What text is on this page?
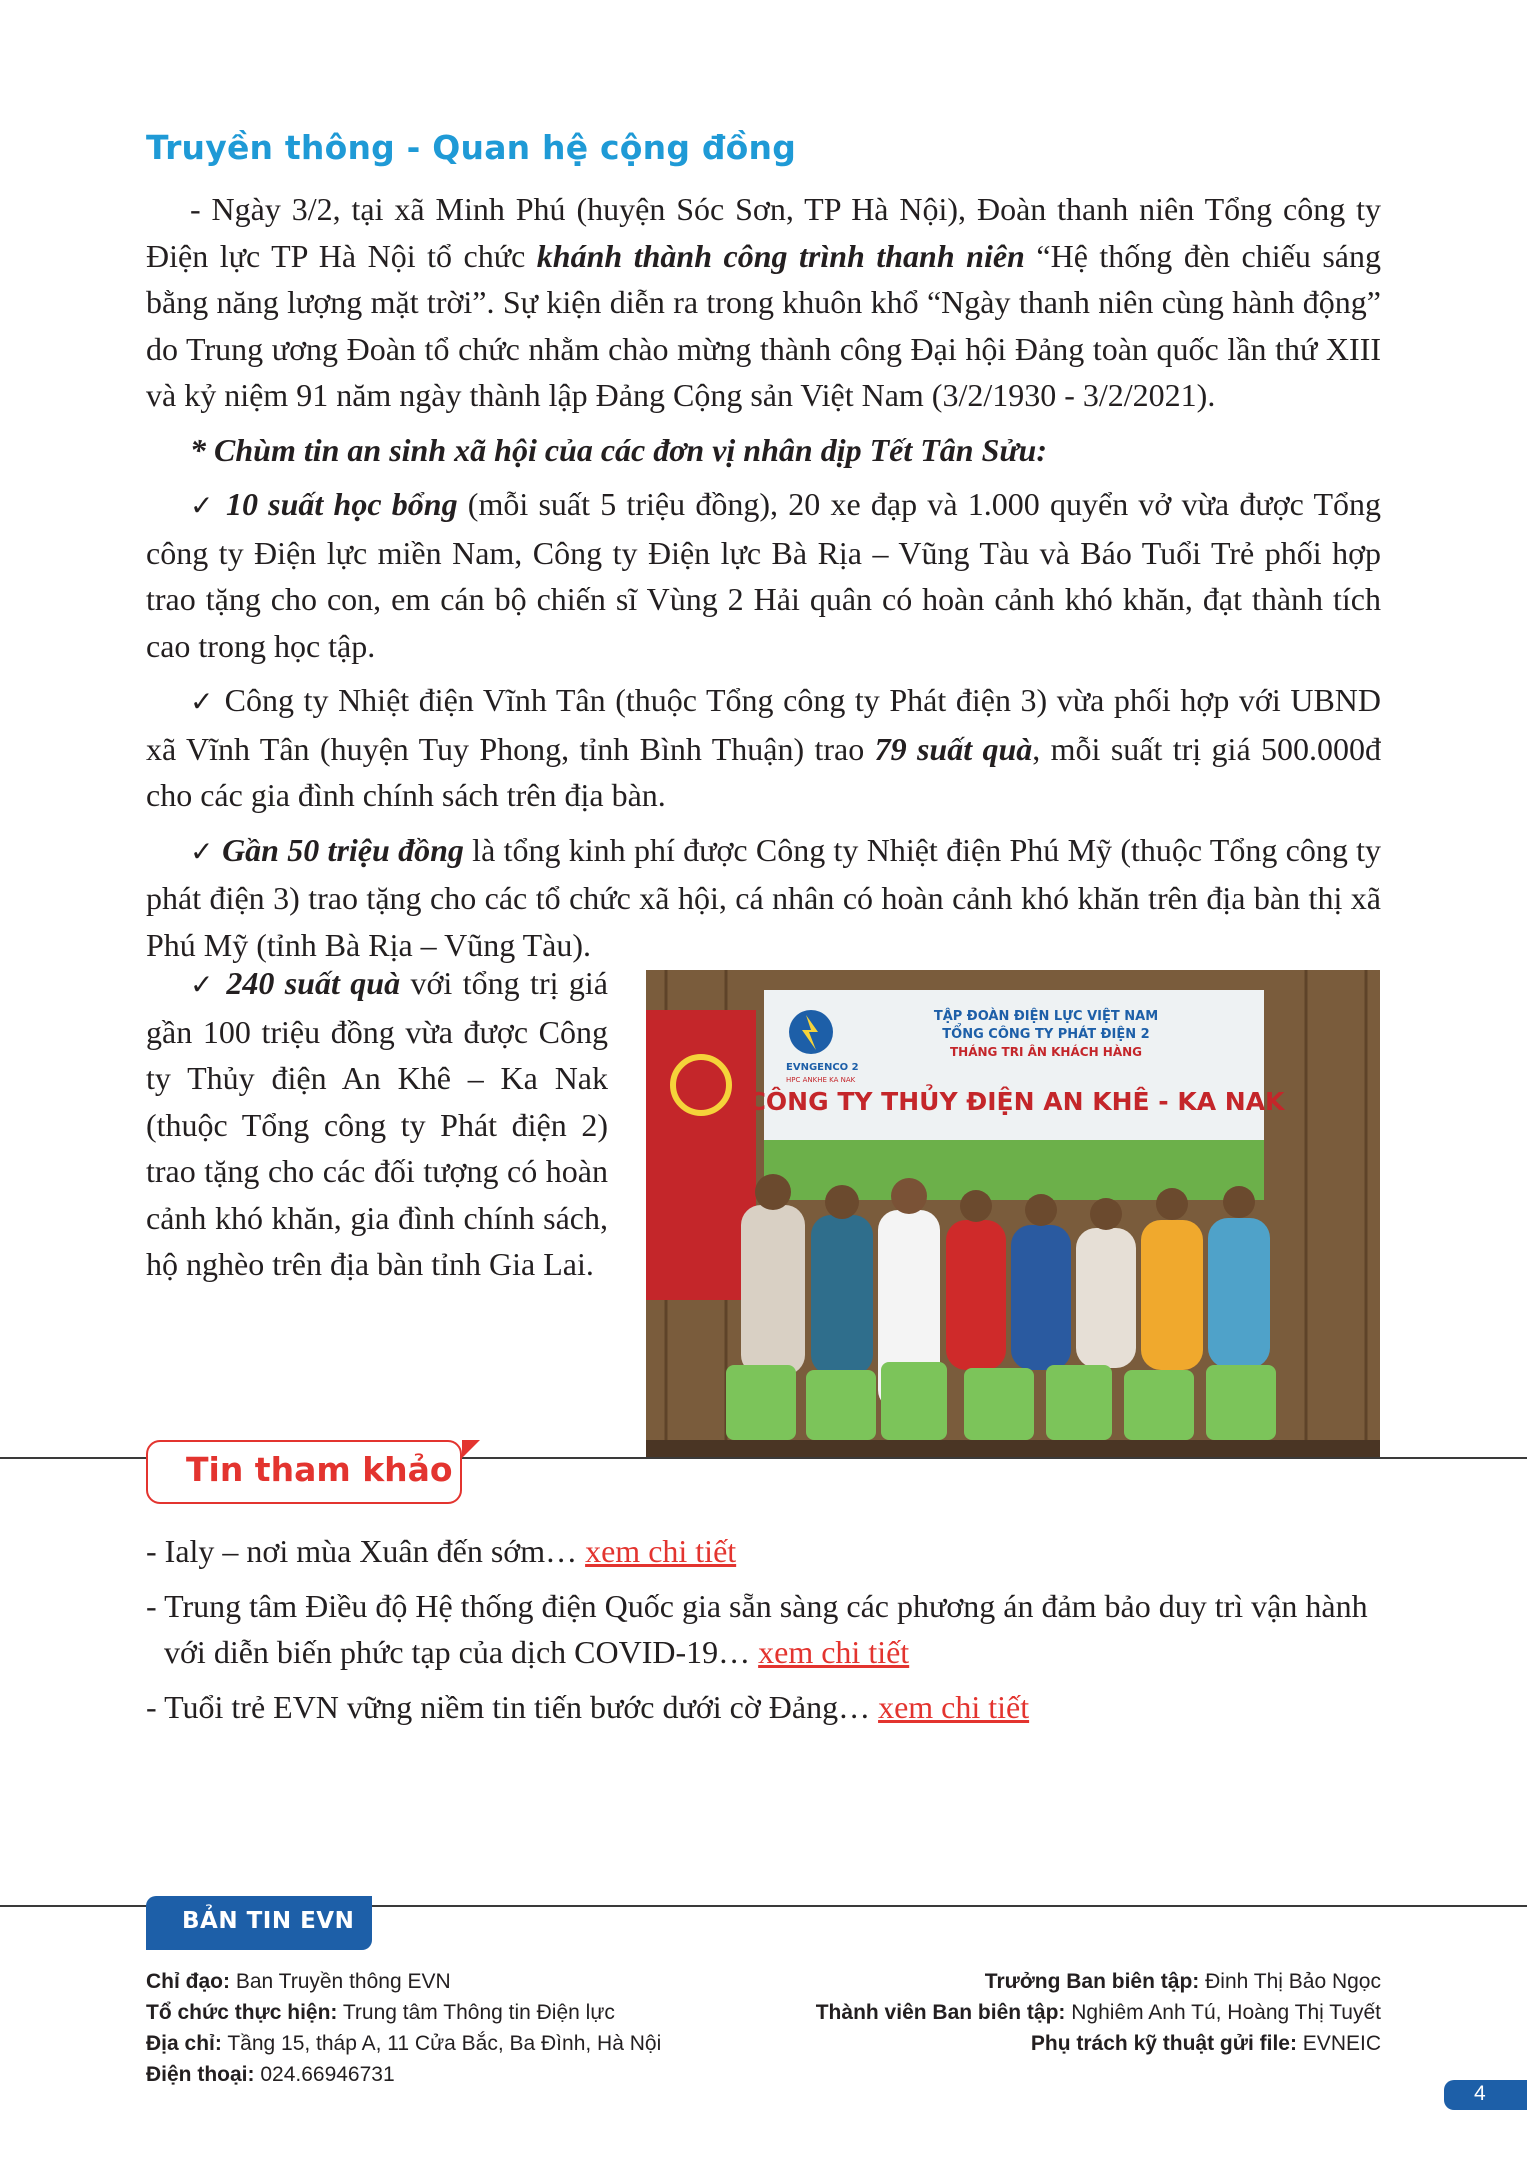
Truyền thông - Quan hệ cộng đồng

- Ngày 3/2, tại xã Minh Phú (huyện Sóc Sơn, TP Hà Nội), Đoàn thanh niên Tổng công ty Điện lực TP Hà Nội tổ chức khánh thành công trình thanh niên “Hệ thống đèn chiếu sáng bằng năng lượng mặt trời”. Sự kiện diễn ra trong khuôn khổ “Ngày thanh niên cùng hành động” do Trung ương Đoàn tổ chức nhằm chào mừng thành công Đại hội Đảng toàn quốc lần thứ XIII và kỷ niệm 91 năm ngày thành lập Đảng Cộng sản Việt Nam (3/2/1930 - 3/2/2021).

* Chùm tin an sinh xã hội của các đơn vị nhân dịp Tết Tân Sửu:

✓ 10 suất học bổng (mỗi suất 5 triệu đồng), 20 xe đạp và 1.000 quyển vở vừa được Tổng công ty Điện lực miền Nam, Công ty Điện lực Bà Rịa – Vũng Tàu và Báo Tuổi Trẻ phối hợp trao tặng cho con, em cán bộ chiến sĩ Vùng 2 Hải quân có hoàn cảnh khó khăn, đạt thành tích cao trong học tập.

✓ Công ty Nhiệt điện Vĩnh Tân (thuộc Tổng công ty Phát điện 3) vừa phối hợp với UBND xã Vĩnh Tân (huyện Tuy Phong, tỉnh Bình Thuận) trao 79 suất quà, mỗi suất trị giá 500.000đ cho các gia đình chính sách trên địa bàn.

✓ Gần 50 triệu đồng là tổng kinh phí được Công ty Nhiệt điện Phú Mỹ (thuộc Tổng công ty phát điện 3) trao tặng cho các tổ chức xã hội, cá nhân có hoàn cảnh khó khăn trên địa bàn thị xã Phú Mỹ (tỉnh Bà Rịa – Vũng Tàu).

✓ 240 suất quà với tổng trị giá gần 100 triệu đồng vừa được Công ty Thủy điện An Khê – Ka Nak (thuộc Tổng công ty Phát điện 2) trao tặng cho các đối tượng có hoàn cảnh khó khăn, gia đình chính sách, hộ nghèo trên địa bàn tỉnh Gia Lai.

EVNGENCO 2
HPC ANKHE KA NAK
TẬP ĐOÀN ĐIỆN LỰC VIỆT NAM
TỔNG CÔNG TY PHÁT ĐIỆN 2
THÁNG TRI ÂN KHÁCH HÀNG
CÔNG TY THỦY ĐIỆN AN KHÊ - KA NAK
Tin tham khảo

- Ialy – nơi mùa Xuân đến sớm… xem chi tiết

- Trung tâm Điều độ Hệ thống điện Quốc gia sẵn sàng các phương án đảm bảo duy trì vận hành với diễn biến phức tạp của dịch COVID-19… xem chi tiết

- Tuổi trẻ EVN vững niềm tin tiến bước dưới cờ Đảng… xem chi tiết

BẢN TIN EVN
Chỉ đạo: Ban Truyền thông EVN
Tổ chức thực hiện: Trung tâm Thông tin Điện lực
Địa chỉ: Tầng 15, tháp A, 11 Cửa Bắc, Ba Đình, Hà Nội
Điện thoại: 024.66946731
Trưởng Ban biên tập: Đinh Thị Bảo Ngọc
Thành viên Ban biên tập: Nghiêm Anh Tú, Hoàng Thị Tuyết
Phụ trách kỹ thuật gửi file: EVNEIC
4
